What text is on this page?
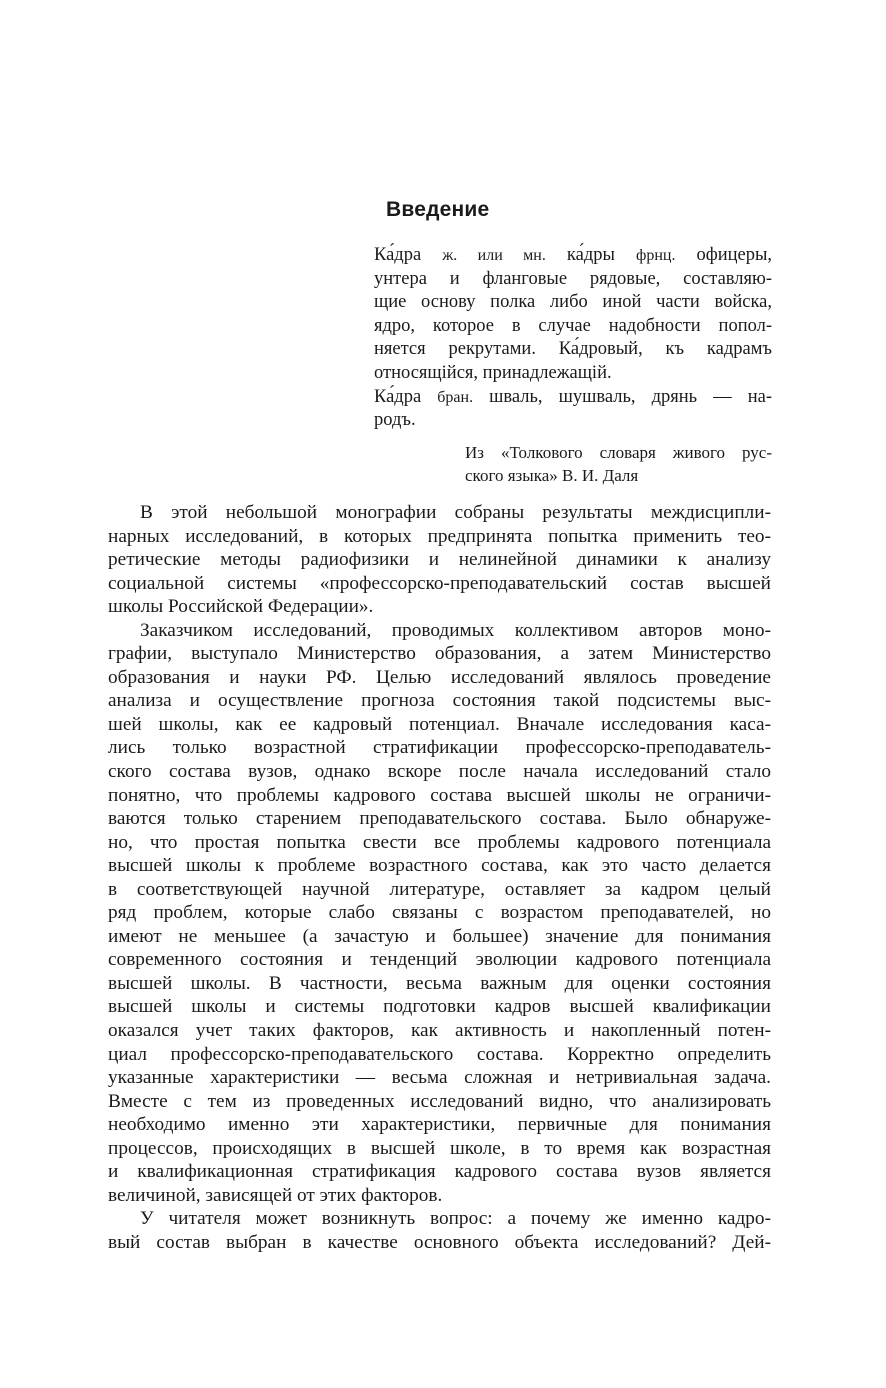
Введение
Ка́дра ж. или мн. ка́дры фрнц. офицеры,
унтера и фланговые рядовые, составляю-
щие основу полка либо иной части войска,
ядро, которое в случае надобности попол-
няется рекрутами. Ка́дровый, къ кадрамъ
относящійся, принадлежащій.
Ка́дра бран. шваль, шушваль, дрянь — на-
родъ.
Из «Толкового словаря живого рус-
ского языка» В. И. Даля
В этой небольшой монографии собраны результаты междисципли-
нарных исследований, в которых предпринята попытка применить тео-
ретические методы радиофизики и нелинейной динамики к анализу
социальной системы «профессорско-преподавательский состав высшей
школы Российской Федерации».
Заказчиком исследований, проводимых коллективом авторов моно-
графии, выступало Министерство образования, а затем Министерство
образования и науки РФ. Целью исследований являлось проведение
анализа и осуществление прогноза состояния такой подсистемы выс-
шей школы, как ее кадровый потенциал. Вначале исследования каса-
лись только возрастной стратификации профессорско-преподаватель-
ского состава вузов, однако вскоре после начала исследований стало
понятно, что проблемы кадрового состава высшей школы не ограничи-
ваются только старением преподавательского состава. Было обнаруже-
но, что простая попытка свести все проблемы кадрового потенциала
высшей школы к проблеме возрастного состава, как это часто делается
в соответствующей научной литературе, оставляет за кадром целый
ряд проблем, которые слабо связаны с возрастом преподавателей, но
имеют не меньшее (а зачастую и большее) значение для понимания
современного состояния и тенденций эволюции кадрового потенциала
высшей школы. В частности, весьма важным для оценки состояния
высшей школы и системы подготовки кадров высшей квалификации
оказался учет таких факторов, как активность и накопленный потен-
циал профессорско-преподавательского состава. Корректно определить
указанные характеристики — весьма сложная и нетривиальная задача.
Вместе с тем из проведенных исследований видно, что анализировать
необходимо именно эти характеристики, первичные для понимания
процессов, происходящих в высшей школе, в то время как возрастная
и квалификационная стратификация кадрового состава вузов является
величиной, зависящей от этих факторов.
У читателя может возникнуть вопрос: а почему же именно кадро-
вый состав выбран в качестве основного объекта исследований? Дей-
